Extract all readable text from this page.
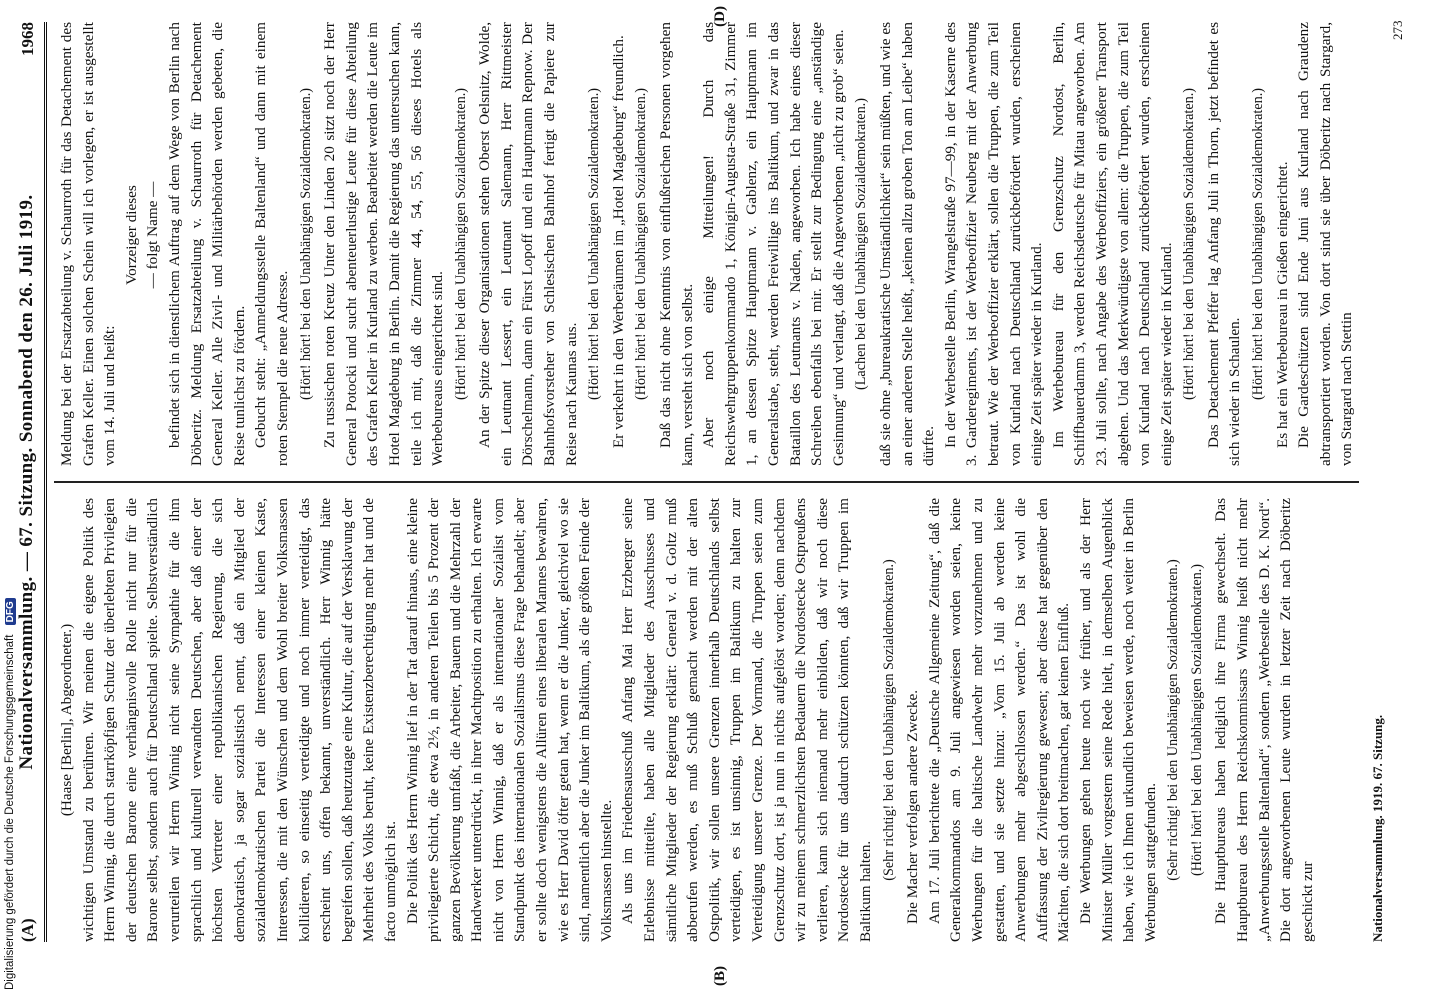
Digitalisierung gefördert durch die Deutsche Forschungsgemeinschaft DFG
(A)
Nationalversammlung. — 67. Sitzung. Sonnabend den 26. Juli 1919.
1968
(B)
(D)

(Haase [Berlin], Abgeordneter.) wichtigen Umstand zu berühren. Wir meinen die eigene Politik des Herrn Winnig, die durch starrköpfigen Schutz der überlebten Privilegien der deutschen Barone eine verhängnisvolle Rolle nicht nur für die Barone selbst, sondern auch für Deutschland spielte. Selbstverständlich verurteilen wir Herrn Winnig nicht seine Sympathie für die ihm sprachlich und kulturell verwandten Deutschen, aber daß einer der höchsten Vertreter einer republikanischen Regierung, die sich demokratisch, ja sogar sozialistisch nennt, daß ein Mitglied der sozialdemokratischen Partei die Interessen einer kleinen Kaste, Interessen, die mit den Wünschen und dem Wohl breiter Volksmassen kollidieren, so einseitig verteidigte und noch immer verteidigt, das erscheint uns, offen bekannt, unverständlich. Herr Winnig hätte begreifen sollen, daß heutzutage eine Kultur, die auf der Versklavung der Mehrheit des Volks beruht, keine Existenzberechtigung mehr hat und de facto unmöglich ist. Die Politik des Herrn Winnig lief in der Tat darauf hinaus, eine kleine privilegierte Schicht, die etwa 2½, in anderen Teilen bis 5 Prozent der ganzen Bevölkerung umfaßt, die Arbeiter, Bauern und die Mehrzahl der Handwerker unterdrückt, in ihrer Machtposition zu erhalten. Ich erwarte nicht von Herrn Winnig, daß er als internationaler Sozialist vom Standpunkt des internationalen Sozialismus diese Frage behandelt; aber er sollte doch wenigstens die Allüren eines liberalen Mannes bewahren, wie es Herr David öfter getan hat, wenn er die Junker, gleichviel wo sie sind, namentlich aber die Junker im Baltikum, als die größten Feinde der Volksmassen hinstellte. Als uns im Friedensausschuß Anfang Mai Herr Erzberger seine Erlebnisse mitteilte, haben alle Mitglieder des Ausschusses und sämtliche Mitglieder der Regierung erklärt: General v. d. Goltz muß abberufen werden, es muß Schluß gemacht werden mit der alten Ostpolitik, wir sollen unsere Grenzen innerhalb Deutschlands selbst verteidigen, es ist unsinnig, Truppen im Baltikum zu halten zur Verteidigung unserer Grenze. Der Vormand, die Truppen seien zum Grenzschutz dort, ist ja nun in nichts aufgelöst worden; denn nachdem wir zu meinem schmerzlichsten Bedauern die Nordostecke Ostpreußens verlieren, kann sich niemand mehr einbilden, daß wir noch diese Nordostecke für uns dadurch schützen könnten, daß wir Truppen im Baltikum halten.

(Sehr richtig! bei den Unabhängigen Sozialdemokraten.) Die Macher verfolgen andere Zwecke. Am 17. Juli berichtete die „Deutsche Allgemeine Zeitung“, daß die Generalkommandos am 9. Juli angewiesen worden seien, keine Werbungen für die baltische Landwehr mehr vorzunehmen und zu gestatten, und sie setzte hinzu: „Vom 15. Juli ab werden keine Anwerbungen mehr abgeschlossen werden.“ Das ist wohl die Auffassung der Zivilregierung gewesen; aber diese hat gegenüber den Mächten, die sich dort breitmachen, gar keinen Einfluß. Die Werbungen gehen heute noch wie früher, und als der Herr Minister Müller vorgestern seine Rede hielt, in demselben Augenblick haben, wie ich Ihnen urkundlich beweisen werde, noch weiter in Berlin Werbungen stattgefunden. (Sehr richtig! bei den Unabhängigen Sozialdemokraten.) (Hört! hört! bei den Unabhängigen Sozialdemokraten.) Die Hauptbureaus haben lediglich ihre Firma gewechselt. Das Hauptbureau des Herrn Reichskommissars Winnig heißt nicht mehr „Anwerbungsstelle Baltenland“, sondern „Werbestelle des D. K. Nord“. Die dort angeworbenen Leute wurden in letzter Zeit nach Döberitz geschickt zur

Meldung bei der Ersatzabteilung v. Schaurroth für das Detachement des Grafen Keller. Einen solchen Schein will ich vorlegen, er ist ausgestellt vom 14. Juli und heißt:

Vorzeiger dieses — folgt Name — befindet sich in dienstlichem Auftrag auf dem Wege von Berlin nach Döberitz. Meldung Ersatzabteilung v. Schaurroth für Detachement General Keller. Alle Zivil- und Militärbehörden werden gebeten, die Reise tunlichst zu fördern. Gebucht steht: „Anmeldungsstelle Baltenland“ und dann mit einem roten Stempel die neue Adresse. (Hört! hört! bei den Unabhängigen Sozialdemokraten.) Zu russischen roten Kreuz Unter den Linden 20 sitzt noch der Herr General Potocki und sucht abenteuerlustige Leute für diese Abteilung des Grafen Keller in Kurland zu werben. Bearbeitet werden die Leute im Hotel Magdeburg in Berlin. Damit die Regierung das untersuchen kann, teile ich mit, daß die Zimmer 44, 54, 55, 56 dieses Hotels als Werbebureaus eingerichtet sind. (Hört! hört! bei den Unabhängigen Sozialdemokraten.) An der Spitze dieser Organisationen stehen Oberst Oelsnitz, Wolde, ein Leutnant Lessert, ein Leutnant Salemann, Herr Rittmeister Dörschelmann, dann ein Fürst Lopoff und ein Hauptmann Repnow. Der Bahnhofsvorsteher von Schlesischen Bahnhof fertigt die Papiere zur Reise nach Kaunas aus. (Hört! hört! bei den Unabhängigen Sozialdemokraten.) Er verkehrt in den Werberäumen im „Hotel Magdeburg“ freundlich. (Hört! hört! bei den Unabhängigen Sozialdemokraten.) Daß das nicht ohne Kenntnis von einflußreichen Personen vorgehen kann, versteht sich von selbst. Aber noch einige Mitteilungen! Durch das Reichswehrgruppenkommando 1, Königin-Augusta-Straße 31, Zimmer 1, an dessen Spitze Hauptmann v. Gablenz, ein Hauptmann im Generalstabe, steht, werden Freiwillige ins Baltikum, und zwar in das Bataillon des Leutnants v. Naden, angeworben. Ich habe eines dieser Schreiben ebenfalls bei mir. Er stellt zur Bedingung eine „anständige Gesinnung“ und verlangt, daß die Angeworbenen „nicht zu grob“ seien. (Lachen bei den Unabhängigen Sozialdemokraten.) daß sie ohne „bureaukratische Umständlichkeit“ sein müßten, und wie es an einer anderen Stelle heißt, „keinen allzu groben Ton am Leibe“ haben dürfte. In der Werbestelle Berlin, Wrangelstraße 97—99, in der Kaserne des 3. Garderegiments, ist der Werbeoffizier Neuberg mit der Anwerbung betraut. Wie der Werbeoffizier erklärt, sollen die Truppen, die zum Teil von Kurland nach Deutschland zurückbefördert wurden, erscheinen einige Zeit später wieder in Kurland. Im Werbebureau für den Grenzschutz Nordost, Berlin, Schiffbauerdamm 3, werden Reichsdeutsche für Mitau angeworben. Am 23. Juli sollte, nach Angabe des Werbeoffiziers, ein größerer Transport abgehen. Und das Merkwürdigste von allem: die Truppen, die zum Teil von Kurland nach Deutschland zurückbefördert wurden, erscheinen einige Zeit später wieder in Kurland. (Hört! hört! bei den Unabhängigen Sozialdemokraten.) Das Detachement Pfeffer lag Anfang Juli in Thorn, jetzt befindet es sich wieder in Schaulen. (Hört! hört! bei den Unabhängigen Sozialdemokraten.) Es hat ein Werbebureau in Gießen eingerichtet. Die Gardeschützen sind Ende Juni aus Kurland nach Graudenz abtransportiert worden. Von dort sind sie über Döberitz nach Stargard, von Stargard nach Stettin

Nationalversammlung. 1919. 67. Sitzung.
273
